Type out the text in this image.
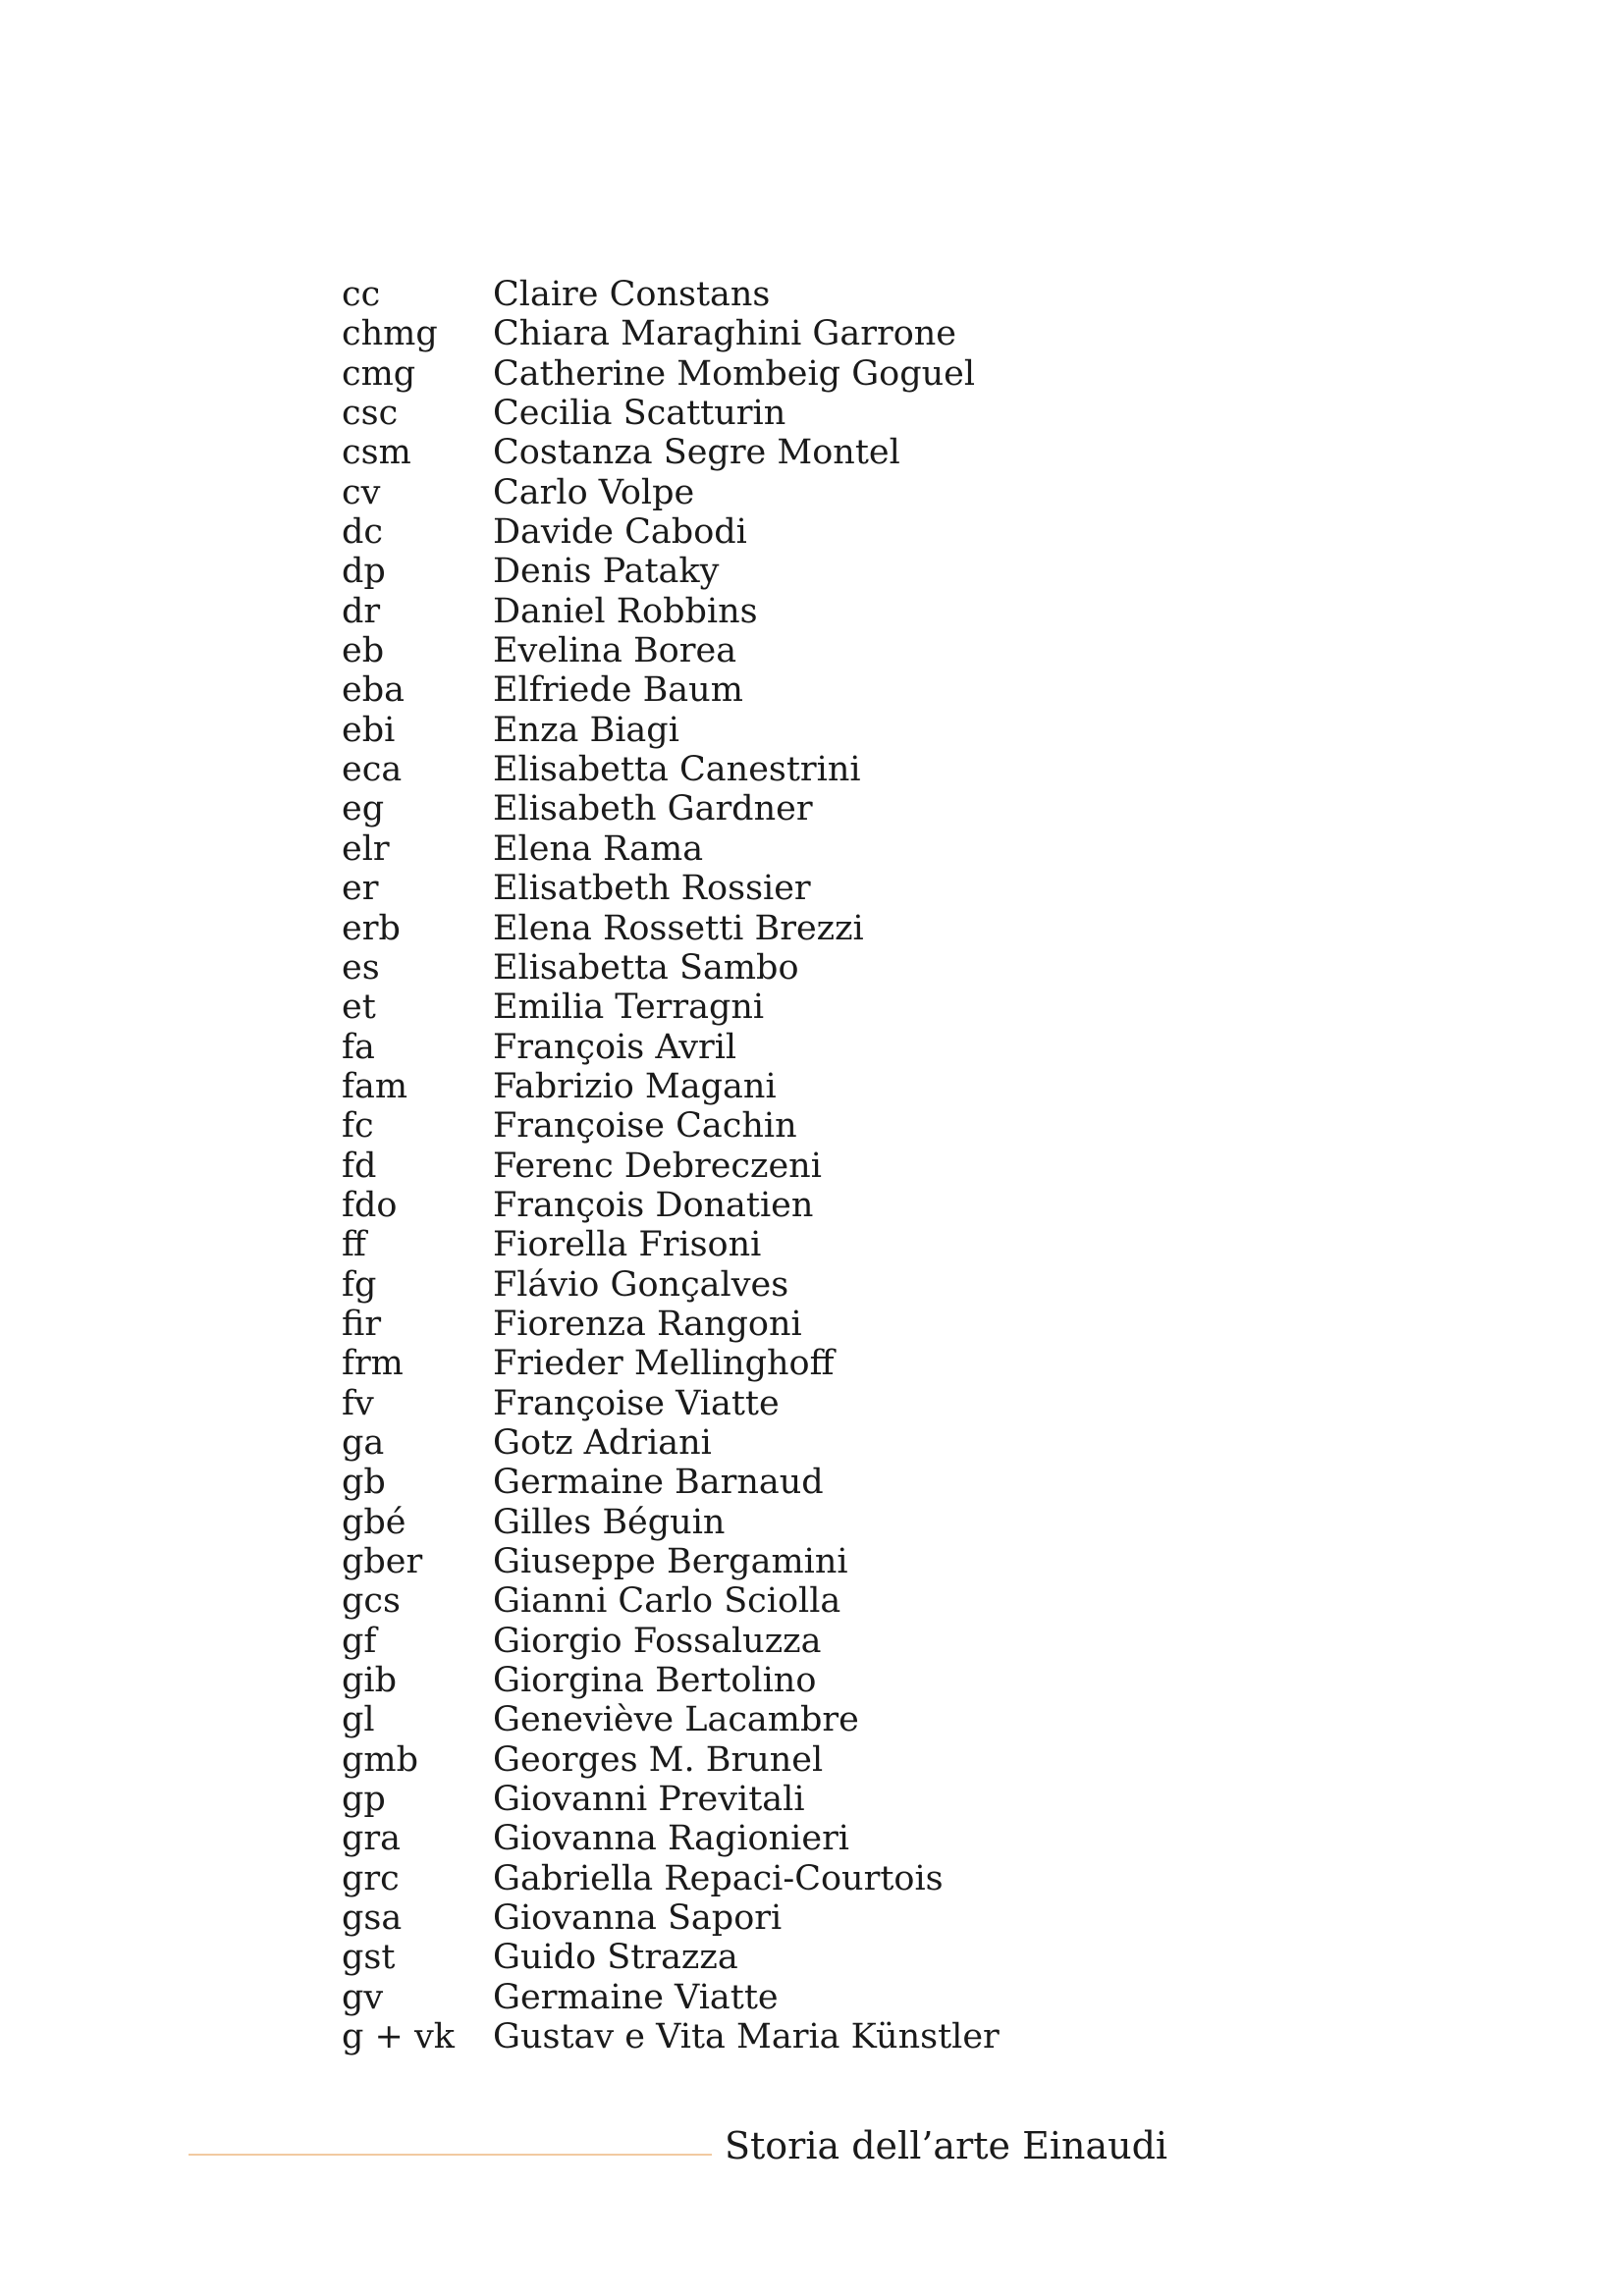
cc	Claire Constans
chmg Chiara Maraghini Garrone
cmg Catherine Mombeig Goguel
csc	Cecilia Scatturin
csm Costanza Segre Montel
cv	Carlo Volpe
dc	Davide Cabodi
dp	Denis Pataky
dr	Daniel Robbins
eb	Evelina Borea
eba	Elfriede Baum
ebi	Enza Biagi
eca	Elisabetta Canestrini
eg	Elisabeth Gardner
elr	Elena Rama
er	Elisatbeth Rossier
erb	Elena Rossetti Brezzi
es	Elisabetta Sambo
et	Emilia Terragni
fa	François Avril
fam Fabrizio Magani
fc	Françoise Cachin
fd	Ferenc Debreczeni
fdo	François Donatien
ff	Fiorella Frisoni
fg	Flávio Gonçalves
fir	Fiorenza Rangoni
frm	Frieder Mellinghoff
fv	Françoise Viatte
ga	Gotz Adriani
gb	Germaine Barnaud
gbé	Gilles Béguin
gber Giuseppe Bergamini
gcs	Gianni Carlo Sciolla
gf	Giorgio Fossaluzza
gib	Giorgina Bertolino
gl	Geneviève Lacambre
gmb Georges M. Brunel
gp	Giovanni Previtali
gra	Giovanna Ragionieri
grc	Gabriella Repaci-Courtois
gsa	Giovanna Sapori
gst	Guido Strazza
gv	Germaine Viatte
g + vk Gustav e Vita Maria Künstler
Storia dell’arte Einaudi
